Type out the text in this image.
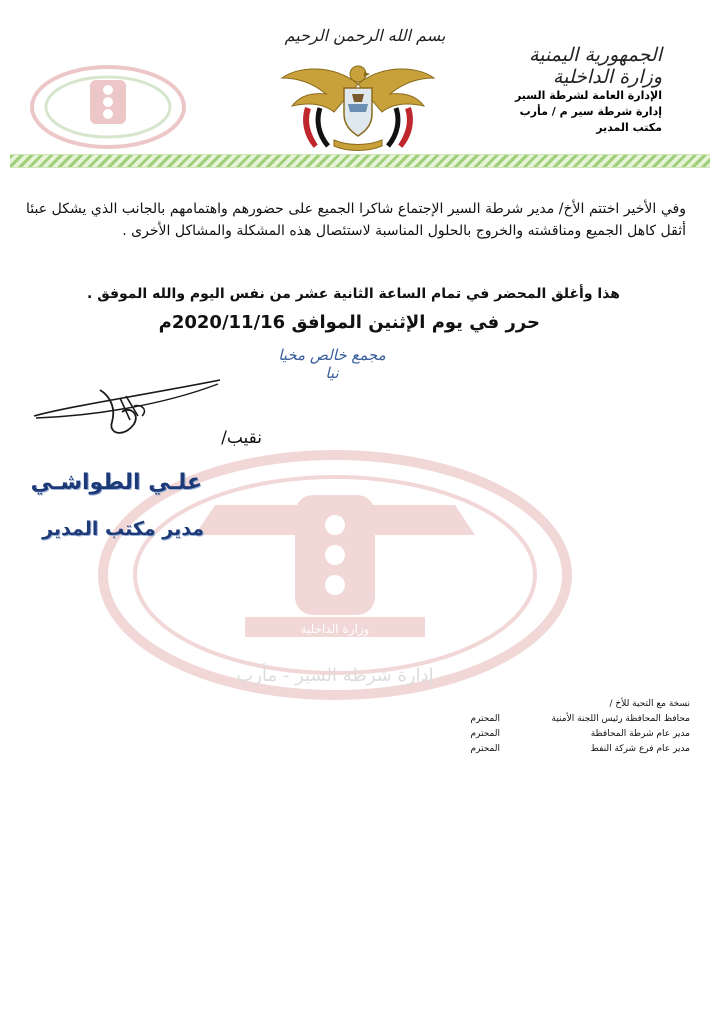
الجمهورية اليمنية
وزارة الداخلية
الإدارة العامة لشرطة السير
إدارة شرطة سير م / مأرب
مكتب المدير
بسم الله الرحمن الرحيم
وفي الأخير اختتم الأخ/ مدير شرطة السير الإجتماع شاكرا الجميع على حضورهم واهتمامهم بالجانب الذي يشكل عبئا أثقل كاهل الجميع ومناقشته والخروج بالحلول المناسبة لاستئصال هذه المشكلة والمشاكل الأخرى .
هذا وأغلق المحضر في تمام الساعة الثانية عشر من نفس اليوم والله الموفق .
حرر في يوم الإثنين الموافق 2020/11/16م
مجمع خالص مخيا نيا
وزارة الداخلية
إدارة شرطة السير - مأرب
نقيب/
علـي الطواشـي
مدير مكتب المدير
نسخة مع التحية للأخ /
محافظ المحافظة رئيس اللجنة الأمنية
المحترم
مدير عام شرطة المحافظة
المحترم
مدير عام فرع شركة النفط
المحترم
